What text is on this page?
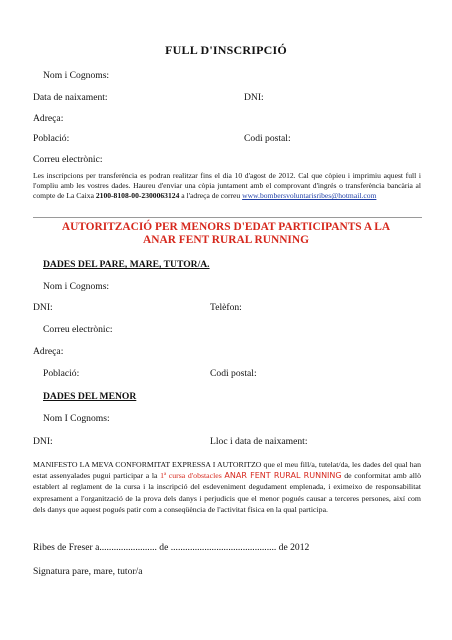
FULL D'INSCRIPCIÓ
Nom i Cognoms:
Data de naixament:	DNI:
Adreça:
Població:	Codi postal:
Correu electrònic:
Les inscripcions per transferència es podran realitzar fins el dia 10 d'agost de 2012. Cal que còpieu i imprimiu aquest full i l'ompliu amb les vostres dades. Haureu d'enviar una còpia juntament amb el comprovant d'ingrés o transferència bancària al compte de La Caixa 2100-8108-00-2300063124 a l'adreça de correu www.bombersvoluntarisribes@hotmail.com
AUTORITZACIÓ PER MENORS D'EDAT PARTICIPANTS A LA
ANAR FENT RURAL RUNNING
DADES DEL PARE, MARE, TUTOR/A.
Nom i Cognoms:
DNI:	Telèfon:
Correu electrònic:
Adreça:
Població:	Codi postal:
DADES DEL MENOR
Nom I Cognoms:
DNI:	Lloc i data de naixament:
MANIFESTO LA MEVA CONFORMITAT EXPRESSA I AUTORITZO que el meu fill/a, tutelat/da, les dades del qual han estat assenyalades pugui participar a la 1ª cursa d'obstacles ANAR FENT RURAL RUNNING de conformitat amb allò establert al reglament de la cursa i la inscripció del esdeveniment degudament emplenada, i eximeixo de responsabilitat expresament a l'organització de la prova dels danys i perjudicis que el menor pogués causar a terceres persones, així com dels danys que aquest pogués patir com a conseqüència de l'activitat física en la qual participa.
Ribes de Freser a........................ de ............................................ de 2012
Signatura pare, mare, tutor/a
